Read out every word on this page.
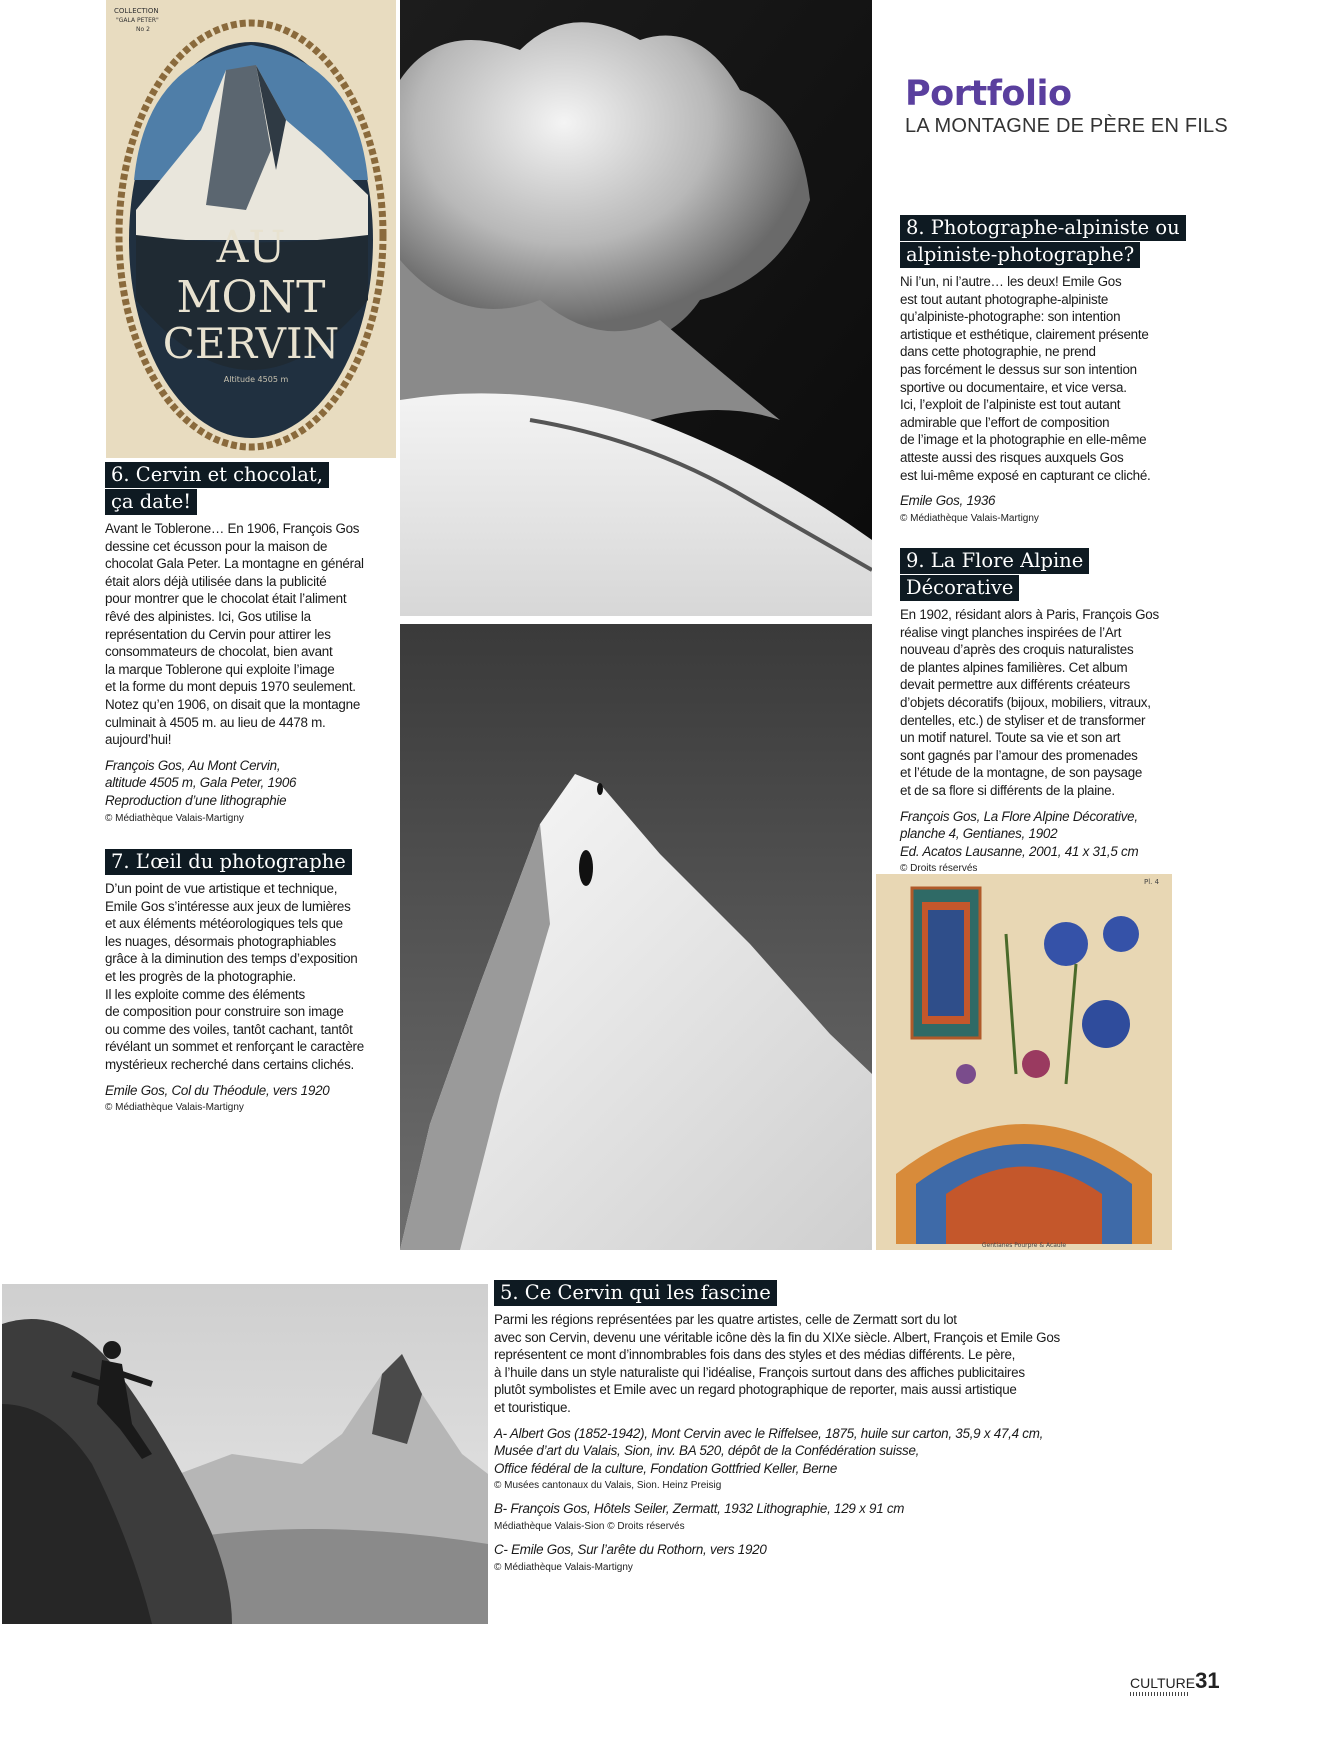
Portfolio
LA MONTAGNE DE PÈRE EN FILS
COLLECTION
"GALA PETER"
No 2
AU
MONT
CERVIN
Altitude 4505 m
Pl. 4
Gentianes Pourpre & Acaule
6. Cervin et chocolat,
ça date!

Avant le Toblerone… En 1906, François Gos
dessine cet écusson pour la maison de
chocolat Gala Peter. La montagne en général
était alors déjà utilisée dans la publicité
pour montrer que le chocolat était l’aliment
rêvé des alpinistes. Ici, Gos utilise la
représentation du Cervin pour attirer les
consommateurs de chocolat, bien avant
la marque Toblerone qui exploite l’image
et la forme du mont depuis 1970 seulement.
Notez qu’en 1906, on disait que la montagne
culminait à 4505 m. au lieu de 4478 m.
aujourd’hui!

François Gos, Au Mont Cervin,
altitude 4505 m, Gala Peter, 1906
Reproduction d’une lithographie

© Médiathèque Valais-Martigny

7. L’œil du photographe

D’un point de vue artistique et technique,
Emile Gos s’intéresse aux jeux de lumières
et aux éléments météorologiques tels que
les nuages, désormais photographiables
grâce à la diminution des temps d’exposition
et les progrès de la photographie.
Il les exploite comme des éléments
de composition pour construire son image
ou comme des voiles, tantôt cachant, tantôt
révélant un sommet et renforçant le caractère
mystérieux recherché dans certains clichés.

Emile Gos, Col du Théodule, vers 1920

© Médiathèque Valais-Martigny

8. Photographe-alpiniste ou
alpiniste-photographe?

Ni l’un, ni l’autre… les deux! Emile Gos
est tout autant photographe-alpiniste
qu’alpiniste-photographe: son intention
artistique et esthétique, clairement présente
dans cette photographie, ne prend
pas forcément le dessus sur son intention
sportive ou documentaire, et vice versa.
Ici, l’exploit de l’alpiniste est tout autant
admirable que l’effort de composition
de l’image et la photographie en elle-même
atteste aussi des risques auxquels Gos
est lui-même exposé en capturant ce cliché.

Emile Gos, 1936

© Médiathèque Valais-Martigny

9. La Flore Alpine
Décorative

En 1902, résidant alors à Paris, François Gos
réalise vingt planches inspirées de l’Art
nouveau d’après des croquis naturalistes
de plantes alpines familières. Cet album
devait permettre aux différents créateurs
d’objets décoratifs (bijoux, mobiliers, vitraux,
dentelles, etc.) de styliser et de transformer
un motif naturel. Toute sa vie et son art
sont gagnés par l’amour des promenades
et l’étude de la montagne, de son paysage
et de sa flore si différents de la plaine.

François Gos, La Flore Alpine Décorative,
planche 4, Gentianes, 1902
Ed. Acatos Lausanne, 2001, 41 x 31,5 cm

© Droits réservés

5. Ce Cervin qui les fascine

Parmi les régions représentées par les quatre artistes, celle de Zermatt sort du lot
avec son Cervin, devenu une véritable icône dès la fin du XIXe siècle. Albert, François et Emile Gos
représentent ce mont d’innombrables fois dans des styles et des médias différents. Le père,
à l’huile dans un style naturaliste qui l’idéalise, François surtout dans des affiches publicitaires
plutôt symbolistes et Emile avec un regard photographique de reporter, mais aussi artistique
et touristique.

A- Albert Gos (1852-1942), Mont Cervin avec le Riffelsee, 1875, huile sur carton, 35,9 x 47,4 cm,
Musée d’art du Valais, Sion, inv. BA 520, dépôt de la Confédération suisse,
Office fédéral de la culture, Fondation Gottfried Keller, Berne

© Musées cantonaux du Valais, Sion. Heinz Preisig

B- François Gos, Hôtels Seiler, Zermatt, 1932 Lithographie, 129 x 91 cm

Médiathèque Valais-Sion © Droits réservés

C- Emile Gos, Sur l’arête du Rothorn, vers 1920

© Médiathèque Valais-Martigny

CULTURE31
